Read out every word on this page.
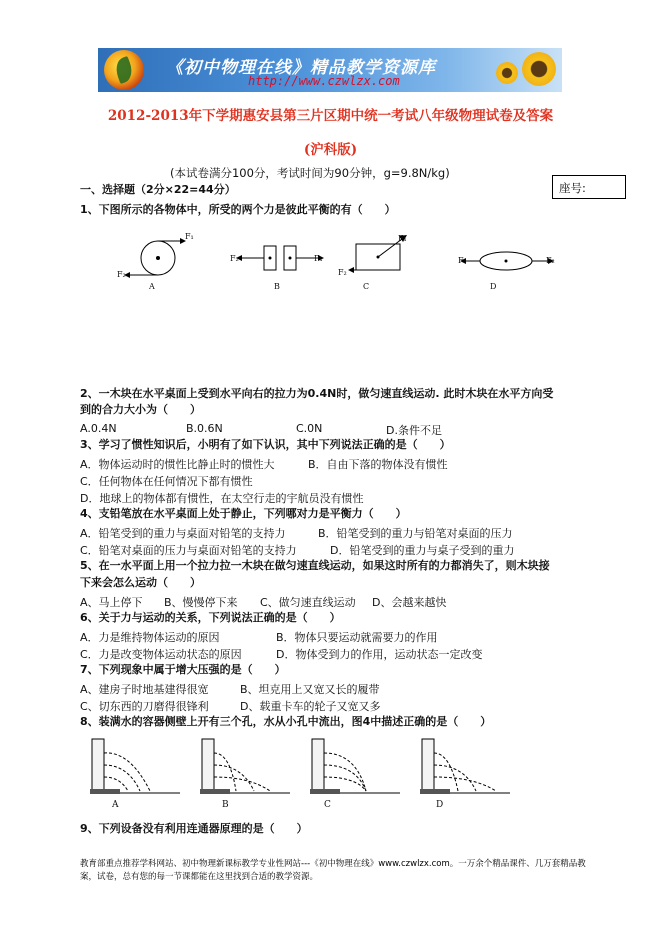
《初中物理在线》精品教学资源库
http://www.czwlzx.com
2012-2013年下学期惠安县第三片区期中统一考试八年级物理试卷及答案
(沪科版)
(本试卷满分100分，考试时间为90分钟，g=9.8N/kg)
座号:
一、选择题（2分×22=44分）
1、下图所示的各物体中，所受的两个力是彼此平衡的有（　　）
F₁
F₂
F₂	F₁
F₁
F₂
F₁	F₂
A	B	C	D
2、一木块在水平桌面上受到水平向右的拉力为0.4N时，做匀速直线运动. 此时木块在水平方向受
到的合力大小为（　　）
A.0.4N	B.0.6N	C.0N	D.条件不足
3、学习了惯性知识后，小明有了如下认识，其中下列说法正确的是（　　）
A．物体运动时的惯性比静止时的惯性大	B．自由下落的物体没有惯性
C．任何物体在任何情况下都有惯性
D．地球上的物体都有惯性，在太空行走的宇航员没有惯性
4、支铅笔放在水平桌面上处于静止，下列哪对力是平衡力（　　）
A．铅笔受到的重力与桌面对铅笔的支持力	B．铅笔受到的重力与铅笔对桌面的压力
C．铅笔对桌面的压力与桌面对铅笔的支持力	D．铅笔受到的重力与桌子受到的重力
5、在一水平面上用一个拉力拉一木块在做匀速直线运动，如果这时所有的力都消失了，则木块接
下来会怎么运动（　　）
A、马上停下 B、慢慢停下来 C、做匀速直线运动 D、会越来越快
6、关于力与运动的关系，下列说法正确的是（　　）
A．力是维持物体运动的原因	B．物体只要运动就需要力的作用
C．力是改变物体运动状态的原因	D．物体受到力的作用，运动状态一定改变
7、下列现象中属于增大压强的是（　　）
A、建房子时地基建得很宽	B、坦克用上又宽又长的履带
C、切东西的刀磨得很锋利	D、载重卡车的轮子又宽又多
8、装满水的容器侧壁上开有三个孔，水从小孔中流出，图4中描述正确的是（　　）
A	B	C	D
9、下列设备没有利用连通器原理的是（　　）
教育部重点推荐学科网站、初中物理新课标教学专业性网站---《初中物理在线》www.czwlzx.com。一万余个精品课件、几万套精品教案，试卷，总有您的每一节课都能在这里找到合适的教学资源。
